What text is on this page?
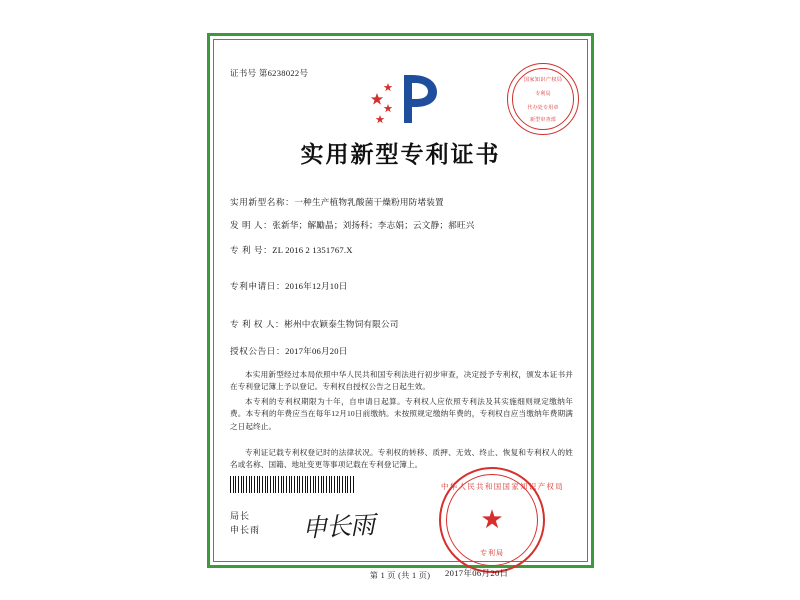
证书号 第6238022号
国家知识产权局
专利局
代办处专用章
新型审查部
实用新型专利证书
实用新型名称：一种生产植物乳酸菌干燥粉用防堵装置
发 明 人：张新华；解勵晶；刘扬科；李志娟；云文静；郝旺兴
专 利 号：ZL 2016 2 1351767.X
专利申请日：2016年12月10日
专 利 权 人：彬州中农颖泰生物饲有限公司
授权公告日：2017年06月20日
本实用新型经过本局依照中华人民共和国专利法进行初步审查，决定授予专利权，颁发本证书并在专利登记簿上予以登记。专利权自授权公告之日起生效。
本专利的专利权期限为十年，自申请日起算。专利权人应依照专利法及其实施细则规定缴纳年费。本专利的年费应当在每年12月10日前缴纳。未按照规定缴纳年费的，专利权自应当缴纳年费期满之日起终止。
专利证记载专利权登记时的法律状况。专利权的转移、质押、无效、终止、恢复和专利权人的姓名或名称、国籍、地址变更等事项记载在专利登记簿上。
局长
申长雨 申长雨
中华人民共和国国家知识产权局
★
专利局
2017年06月20日
第 1 页 (共 1 页)
